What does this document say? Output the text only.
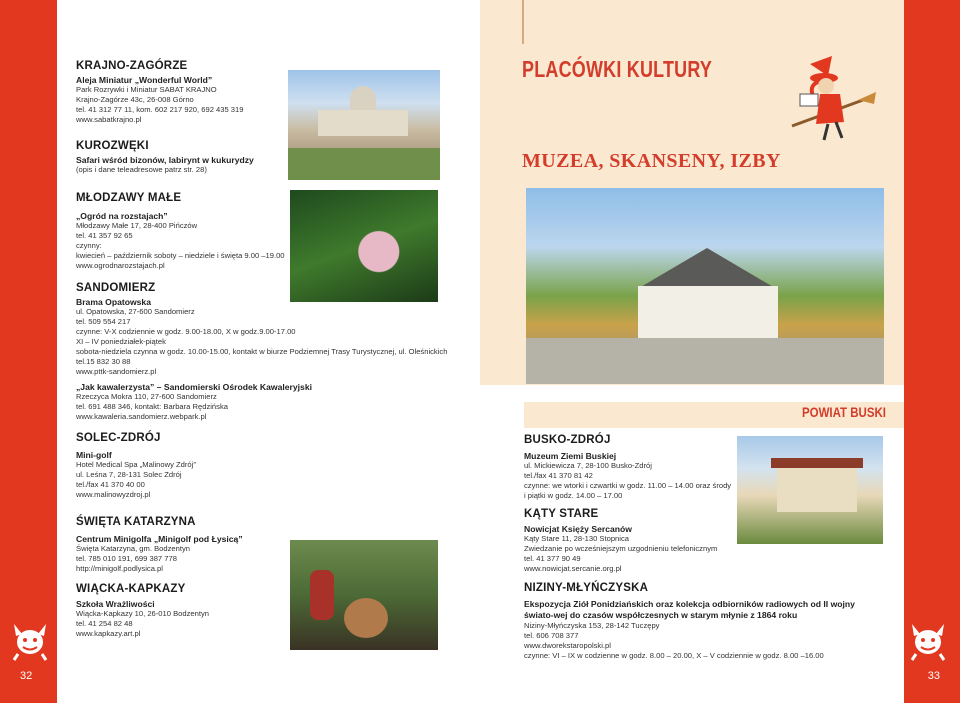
32	33
PLACÓWKI KULTURY
MUZEA, SKANSENY, IZBY
KRAJNO-ZAGÓRZE
Aleja Miniatur „Wonderful World”
Park Rozrywki i Miniatur SABAT KRAJNO
Krajno-Zagórze 43c, 26-008 Górno
tel. 41 312 77 11, kom. 602 217 920, 692 435 319
www.sabatkrajno.pl
KUROZWĘKI
Safari wśród bizonów, labirynt w kukurydzy
(opis i dane teleadresowe patrz str. 28)
MŁODZAWY MAŁE
„Ogród na rozstajach”
Młodzawy Małe 17, 28-400 Pińczów
tel. 41 357 92 65
czynny:
kwiecień – październik soboty – niedziele i święta 9.00 –19.00
www.ogrodnarozstajach.pl
SANDOMIERZ
Brama Opatowska
ul. Opatowska, 27-600 Sandomierz
tel. 509 554 217
czynne: V-X codziennie w godz. 9.00-18.00, X w godz.9.00-17.00
XI – IV poniedziałek-piątek
sobota-niedziela czynna w godz. 10.00-15.00, kontakt w biurze Podziemnej Trasy Turystycznej, ul. Oleśnickich
tel.15 832 30 88
www.pttk-sandomierz.pl
„Jak kawalerzysta” – Sandomierski Ośrodek Kawaleryjski
Rzeczyca Mokra 110, 27-600 Sandomierz
tel. 691 488 346, kontakt: Barbara Rędzińska
www.kawaleria.sandomierz.webpark.pl
SOLEC-ZDRÓJ
Mini-golf
Hotel Medical Spa „Malinowy Zdrój”
ul. Leśna 7, 28-131 Solec Zdrój
tel./fax 41 370 40 00
www.malinowyzdroj.pl
ŚWIĘTA KATARZYNA
Centrum Minigolfa „Minigolf pod Łysicą”
Święta Katarzyna, gm. Bodzentyn
tel. 785 010 191, 699 387 778
http://minigolf.podlysica.pl
WIĄCKA-KAPKAZY
Szkoła Wrażliwości
Wiącka-Kapkazy 10, 26-010 Bodzentyn
tel. 41 254 82 48
www.kapkazy.art.pl
POWIAT BUSKI	●●●●●
BUSKO-ZDRÓJ
Muzeum Ziemi Buskiej
ul. Mickiewicza 7, 28-100 Busko-Zdrój
tel./fax 41 370 81 42
czynne: we wtorki i czwartki w godz. 11.00 – 14.00 oraz środy
i piątki w godz. 14.00 – 17.00
KĄTY STARE
Nowicjat Księży Sercanów
Kąty Stare 11, 28-130 Stopnica
Zwiedzanie po wcześniejszym uzgodnieniu telefonicznym
tel. 41 377 90 49
www.nowicjat.sercanie.org.pl
NIZINY-MŁYŃCZYSKA
Ekspozycja Ziół Ponidziańskich oraz kolekcja odbiorników radiowych od II wojny świato-wej do czasów współczesnych w starym młynie z 1864 roku
Niziny-Młyńczyska 153, 28-142 Tuczępy
tel. 606 708 377
www.dworekstaropolski.pl
czynne: VI – IX w codzienne w godz. 8.00 – 20.00, X – V codziennie w godz. 8.00 –16.00
